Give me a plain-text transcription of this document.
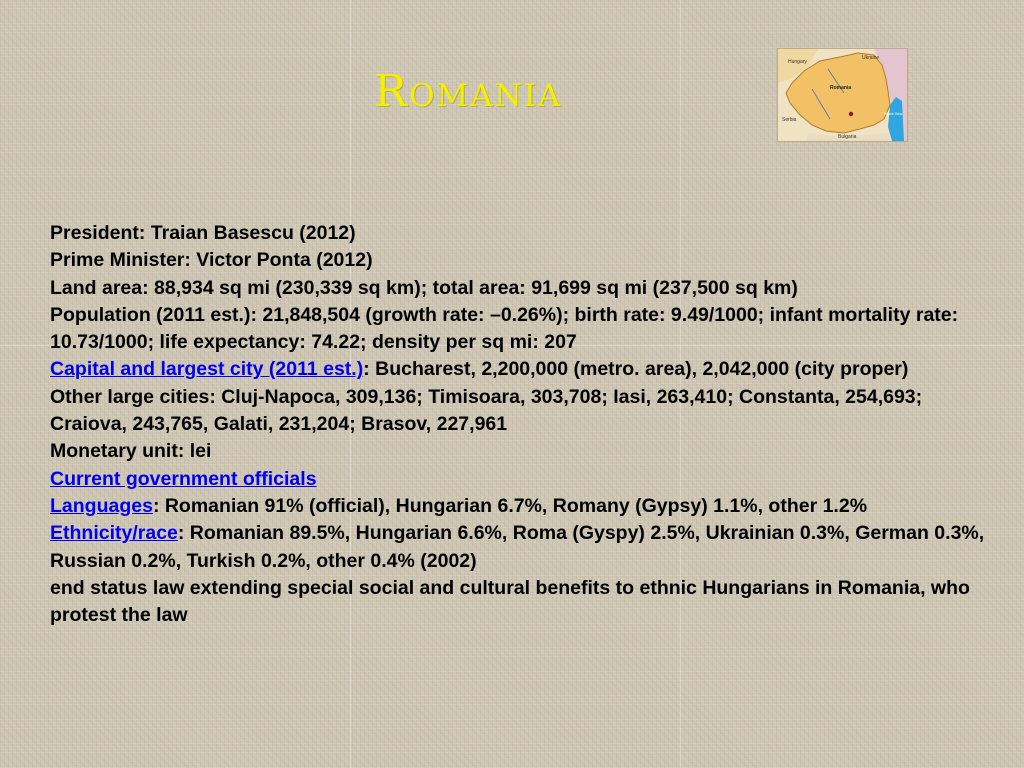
Romania
Hungary
Ukraine
Romania
Serbia
Bulgaria
Black Sea

President: Traian Basescu (2012)

Prime Minister: Victor Ponta (2012)

Land area: 88,934 sq mi (230,339 sq km); total area: 91,699 sq mi (237,500 sq km)

Population (2011 est.): 21,848,504 (growth rate: –0.26%); birth rate: 9.49/1000; infant mortality rate: 10.73/1000; life expectancy: 74.22; density per sq mi: 207

Capital and largest city (2011 est.): Bucharest, 2,200,000 (metro. area), 2,042,000 (city proper)

Other large cities: Cluj-Napoca, 309,136; Timisoara, 303,708; Iasi, 263,410; Constanta, 254,693; Craiova, 243,765, Galati, 231,204; Brasov, 227,961

Monetary unit: lei

Current government officials

Languages: Romanian 91% (official), Hungarian 6.7%, Romany (Gypsy) 1.1%, other 1.2%

Ethnicity/race: Romanian 89.5%, Hungarian 6.6%, Roma (Gyspy) 2.5%, Ukrainian 0.3%, German 0.3%, Russian 0.2%, Turkish 0.2%, other 0.4% (2002)

end status law extending special social and cultural benefits to ethnic Hungarians in Romania, who protest the law
